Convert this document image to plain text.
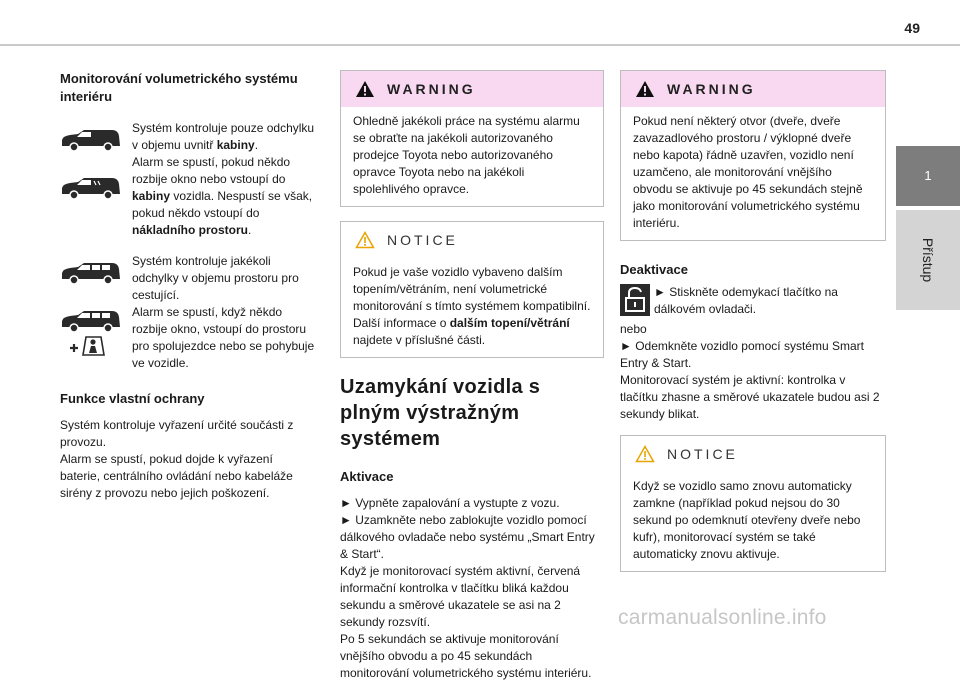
49
1
Přístup
Monitorování volumetrického systému interiéru

Systém kontroluje pouze odchylku v objemu uvnitř kabiny.

Alarm se spustí, pokud někdo rozbije okno nebo vstoupí do kabiny vozidla. Nespustí se však, pokud někdo vstoupí do nákladního prostoru.

Systém kontroluje jakékoli odchylky v objemu prostoru pro cestující.

Alarm se spustí, když někdo rozbije okno, vstoupí do prostoru pro spolujezdce nebo se pohybuje ve vozidle.

Funkce vlastní ochrany

Systém kontroluje vyřazení určité součásti z provozu.

Alarm se spustí, pokud dojde k vyřazení baterie, centrálního ovládání nebo kabeláže sirény z provozu nebo jejich poškození.

WARNING

Ohledně jakékoli práce na systému alarmu se obraťte na jakékoli autorizovaného prodejce Toyota nebo autorizovaného opravce Toyota nebo na jakékoli spolehlivého opravce.

NOTICE

Pokud je vaše vozidlo vybaveno dalším topením/větráním, není volumetrické monitorování s tímto systémem kompatibilní. Další informace o dalším topení/větrání najdete v příslušné části.

Uzamykání vozidla s plným výstražným systémem
Aktivace

► Vypněte zapalování a vystupte z vozu.

► Uzamkněte nebo zablokujte vozidlo pomocí dálkového ovladače nebo systému „Smart Entry & Start“.

Když je monitorovací systém aktivní, červená informační kontrolka v tlačítku bliká každou sekundu a směrové ukazatele se asi na 2 sekundy rozsvítí.

Po 5 sekundách se aktivuje monitorování vnějšího obvodu a po 45 sekundách monitorování volumetrického systému interiéru.

WARNING

Pokud není některý otvor (dveře, dveře zavazadlového prostoru / výklopné dveře nebo kapota) řádně uzavřen, vozidlo není uzamčeno, ale monitorování vnějšího obvodu se aktivuje po 45 sekundách stejně jako monitorování volumetrického systému interiéru.

Deaktivace

► Stiskněte odemykací tlačítko na dálkovém ovladači.

nebo

► Odemkněte vozidlo pomocí systému Smart Entry & Start.

Monitorovací systém je aktivní: kontrolka v tlačítku zhasne a směrové ukazatele budou asi 2 sekundy blikat.

NOTICE

Když se vozidlo samo znovu automaticky zamkne (například pokud nejsou do 30 sekund po odemknutí otevřeny dveře nebo kufr), monitorovací systém se také automaticky znovu aktivuje.

carmanualsonline.info
